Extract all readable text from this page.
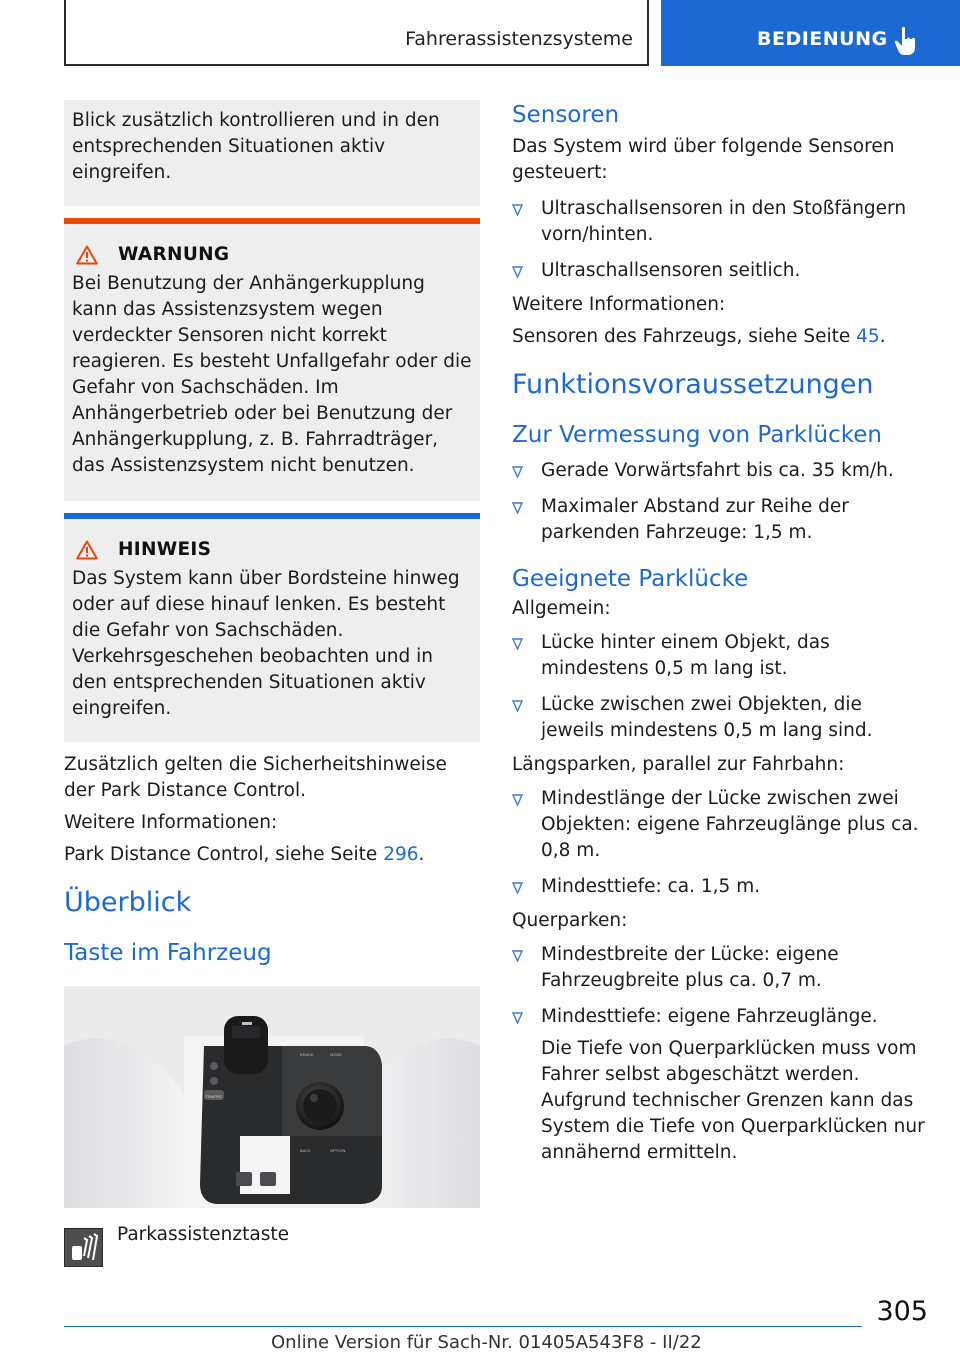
Fahrerassistenzsysteme	BEDIENUNG

Blick zusätzlich kontrollieren und in den entsprechenden Situationen aktiv eingreifen.

WARNUNG

Bei Benutzung der Anhängerkupplung kann das Assistenzsystem wegen verdeckter Sensoren nicht korrekt reagieren. Es besteht Unfallgefahr oder die Gefahr von Sachschäden. Im Anhängerbetrieb oder bei Benutzung der Anhängerkupplung, z. B. Fahrradträger, das Assistenzsystem nicht benutzen.

HINWEIS

Das System kann über Bordsteine hinweg oder auf diese hinauf lenken. Es besteht die Gefahr von Sachschäden. Verkehrsgeschehen beobachten und in den entsprechenden Situationen aktiv eingreifen.

Zusätzlich gelten die Sicherheitshinweise der Park Distance Control.

Weitere Informationen:

Park Distance Control, siehe Seite 296.

Überblick
Taste im Fahrzeug
TRAFFIC
BRAKE	MODE
BACK	OPTION
Parkassistenztaste
Sensoren

Das System wird über folgende Sensoren gesteuert:

Ultraschallsensoren in den Stoßfängern vorn/hinten.
Ultraschallsensoren seitlich.

Weitere Informationen:

Sensoren des Fahrzeugs, siehe Seite 45.

Funktionsvoraussetzungen
Zur Vermessung von Parklücken
Gerade Vorwärtsfahrt bis ca. 35 km/h.
Maximaler Abstand zur Reihe der parkenden Fahrzeuge: 1,5 m.
Geeignete Parklücke

Allgemein:

Lücke hinter einem Objekt, das mindestens 0,5 m lang ist.
Lücke zwischen zwei Objekten, die jeweils mindestens 0,5 m lang sind.

Längsparken, parallel zur Fahrbahn:

Mindestlänge der Lücke zwischen zwei Objekten: eigene Fahrzeuglänge plus ca. 0,8 m.
Mindesttiefe: ca. 1,5 m.

Querparken:

Mindestbreite der Lücke: eigene Fahrzeugbreite plus ca. 0,7 m.
Mindesttiefe: eigene Fahrzeuglänge.

Die Tiefe von Querparklücken muss vom Fahrer selbst abgeschätzt werden. Aufgrund technischer Grenzen kann das System die Tiefe von Querparklücken nur annähernd ermitteln.

305
Online Version für Sach-Nr. 01405A543F8 - II/22
